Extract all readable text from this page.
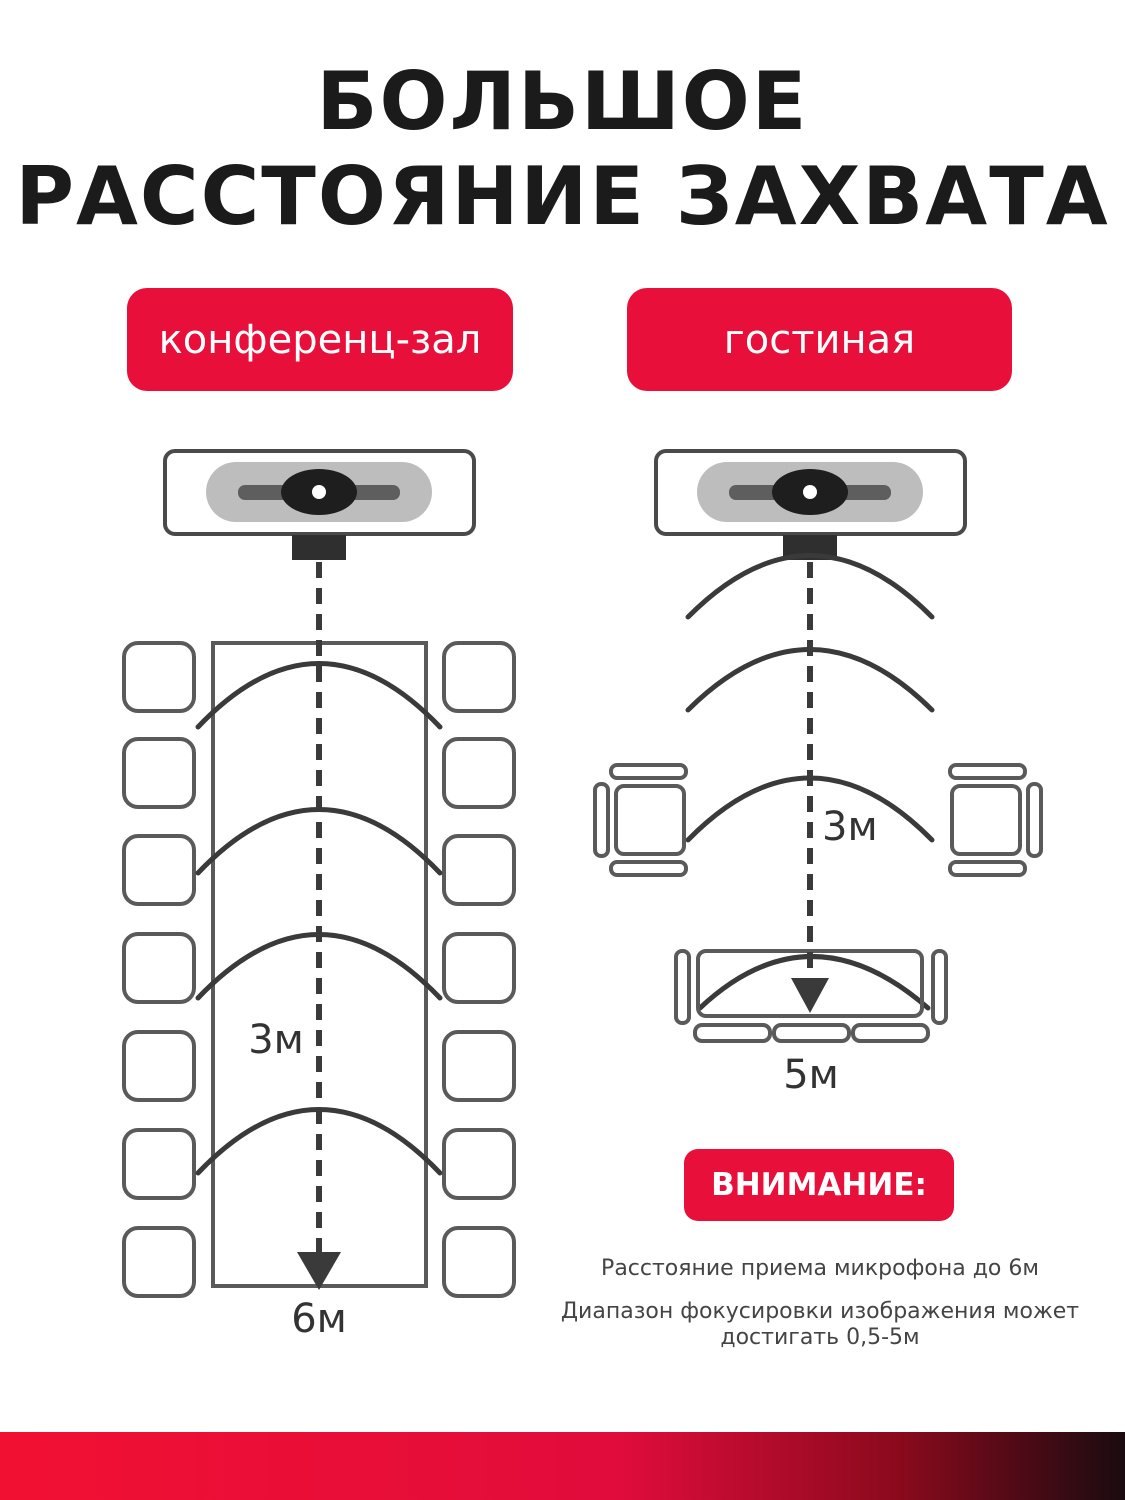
БОЛЬШОЕ
РАССТОЯНИЕ ЗАХВАТА
конференц-зал	гостиная
3м
6м
3м
5м
ВНИМАНИЕ:
Расстояние приема микрофона до 6м
Диапазон фокусировки изображения может достигать 0,5-5м
